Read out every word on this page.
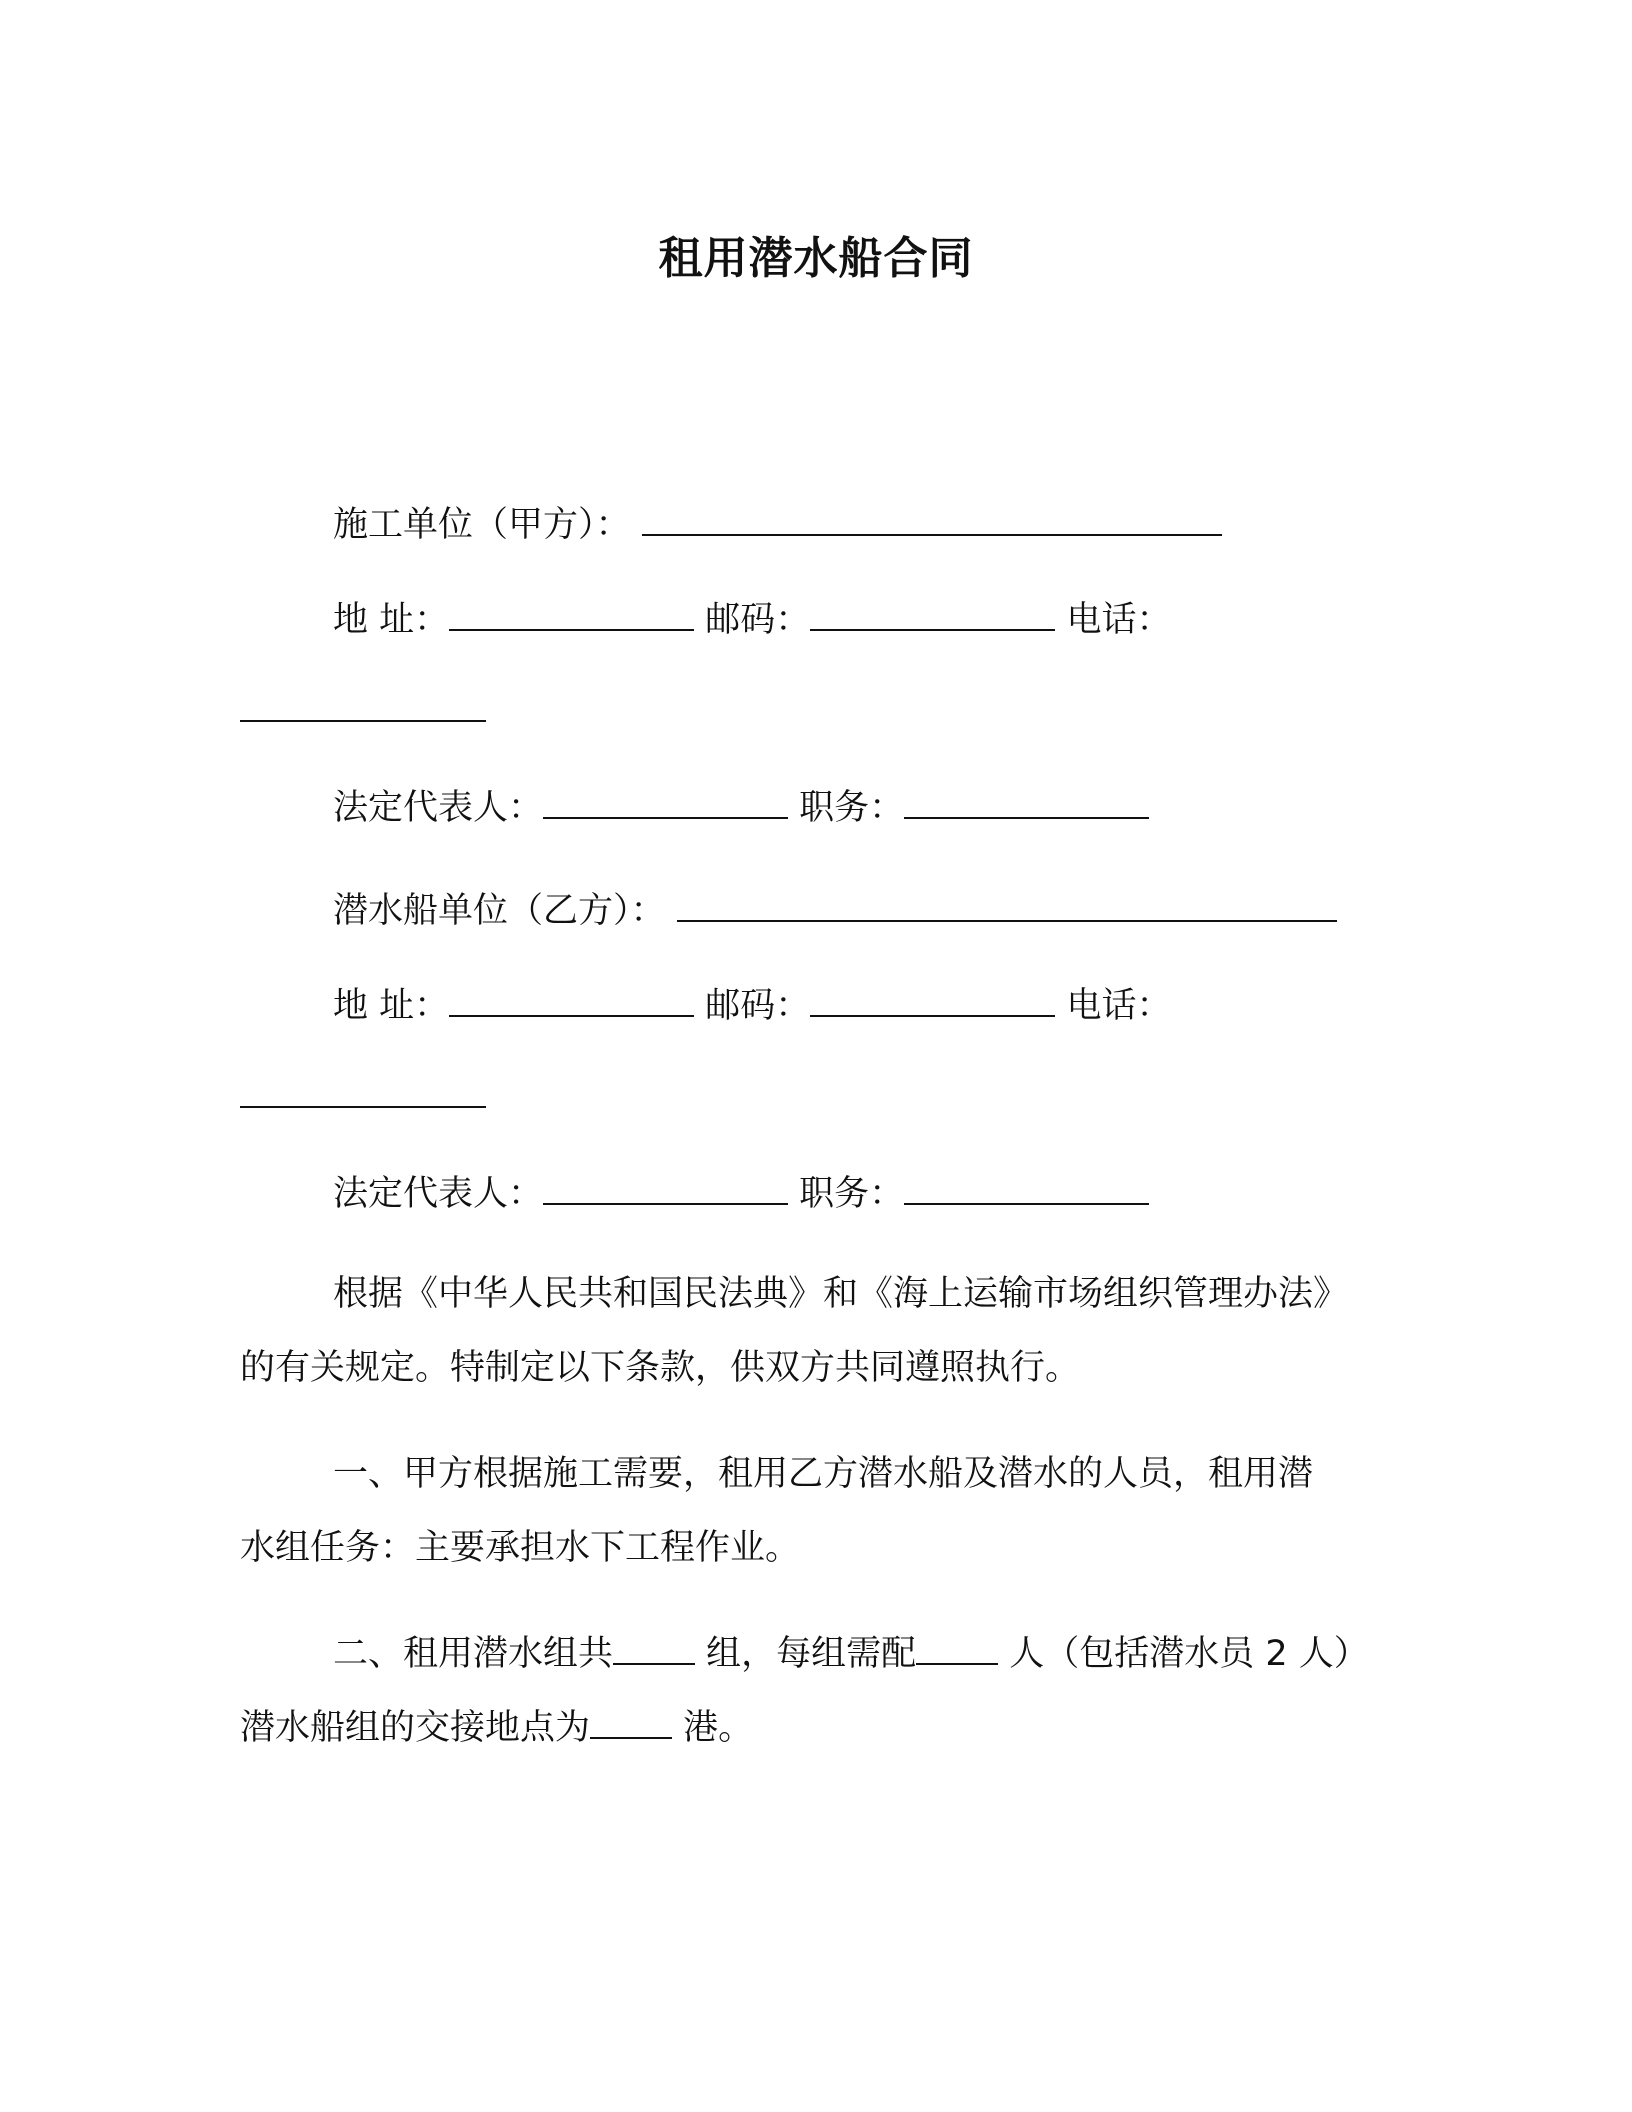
租用潜水船合同
施工单位（甲方）：
地 址：	邮码：	电话：
法定代表人：	职务：
潜水船单位（乙方）：
地 址：	邮码：	电话：
法定代表人：	职务：
根据《中华人民共和国民法典》和《海上运输市场组织管理办法》
的有关规定。特制定以下条款，供双方共同遵照执行。
一、甲方根据施工需要，租用乙方潜水船及潜水的人员，租用潜
水组任务：主要承担水下工程作业。
二、租用潜水组共 组，每组需配 人（包括潜水员 2 人）
潜水船组的交接地点为 港。
